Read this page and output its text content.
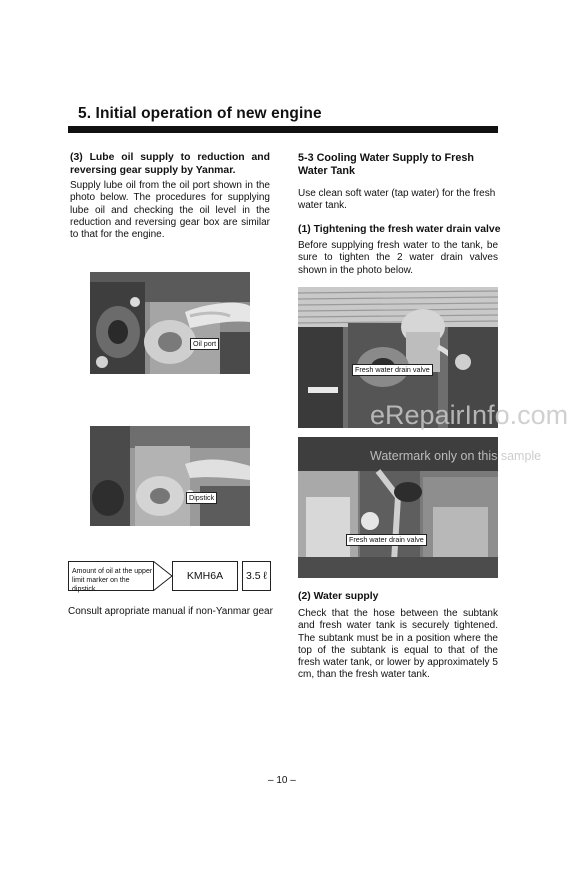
5. Initial operation of new engine
(3) Lube oil supply to reduction and reversing gear supply by Yanmar.
Supply lube oil from the oil port shown in the photo below. The procedures for supplying lube oil and checking the oil level in the reduction and reversing gear box are similar to that for the engine.
Oil port
Dipstick
Amount of oil at the upper
limit marker on the dipstick
KMH6A	3.5 ℓ
Consult apropriate manual if non-Yanmar gear
5-3 Cooling Water Supply to Fresh Water Tank
Use clean soft water (tap water) for the fresh water tank.
(1) Tightening the fresh water drain valve
Before supplying fresh water to the tank, be sure to tighten the 2 water drain valves shown in the photo below.
Fresh water drain valve
Fresh water drain valve
(2) Water supply
Check that the hose between the subtank and fresh water tank is securely tightened. The subtank must be in a position where the top of the subtank is equal to that of the fresh water tank, or lower by approximately 5 cm, than the fresh water tank.
eRepairInfo.com
Watermark only on this sample
– 10 –
